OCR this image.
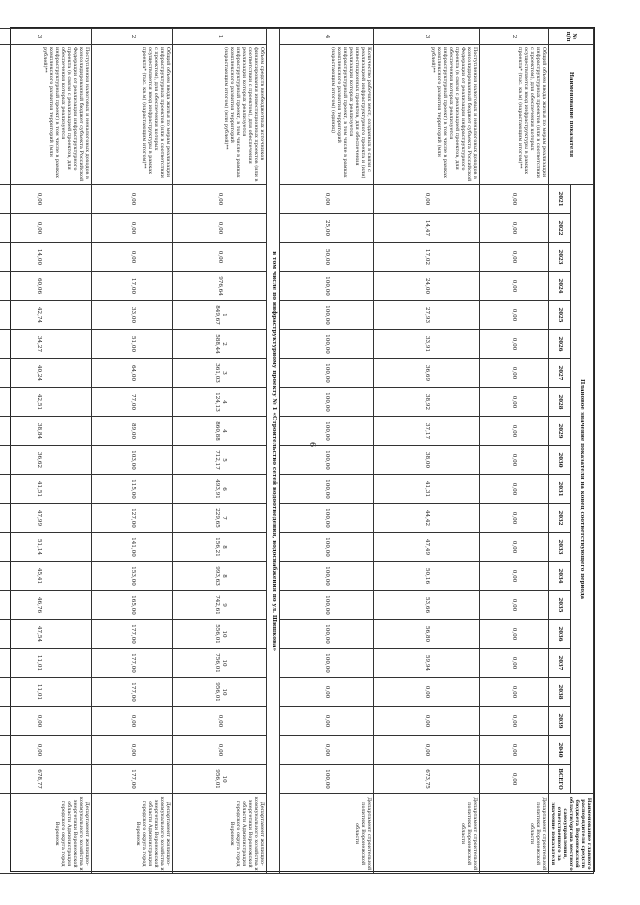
6
№ п/п	Наименование показателя	Плановое значение показателя на конец соответствующего периода																					Наименование главного распорядителя средств бюджета Воронежской области/органа местного самоуправления, ответственного за значение показателя
		2021	2022	2023	2024	2025	2026	2027	2028	2029	2030	2031	2032	2033	2034	2035	2036	2037	2038	2039	2040	ВСЕГО	
2	Общий объем ввода жилья по мерам реализации инфраструктурных проектов (или в соответствии с проектом), для обеспечения которых осуществляется ввод инфраструктуры в рамках проекта* (тыс. кв.м) (нарастающим итогом)**	0,00	0,00	0,00	0,00	0,00	0,00	0,00	0,00	0,00	0,00	0,00	0,00	0,00	0,00	0,00	0,00	0,00	0,00	0,00	0,00	0,00	Департамент строительной политики Воронежской области
3	Поступления налоговых и неналоговых доходов в консолидированный бюджет субъекта Российской Федерации от реализации инфраструктурного проекта (в связи с реализацией проектов, для обеспечения которых реализуется инфраструктурный проект) в том числе в рамках комплексного развития территорий (млн рублей)**	0,00	14,47	17,02	24,00	27,93	33,91	36,69	38,92	37,17	38,00	41,31	44,42	47,49	50,16	53,66	56,80	59,94	0,00	0,00	0,00	673,75	Департамент строительной политики Воронежской области
4	Количество рабочих мест, созданных в связи с реализацией инфраструктурного проекта и (или) инвестиционных проектов, для обеспечения реализации которых реализуется инфраструктурный проект, в том числе в рамках комплексного развития территорий (нарастающим итогом) (единиц)	0,00	25,00	50,00	100,00	100,00	100,00	100,00	100,00	100,00	100,00	100,00	100,00	100,00	100,00	100,00	100,00	100,00	0,00	0,00	0,00	100,00	Департамент строительной политики Воронежской области
в том числе по инфраструктурному проекту № 1 «Строительство сетей водоотведения, водоснабжения по ул. Шишкова»																							
1	Объем средств внебюджетных источников финансирования инвестиционных проектов (или в соответствии с проектом), для обеспечения реализации которых реализуется инфраструктурный проект, в том числе в рамках комплексного развития территорий (нарастающим итогом) (млн рублей)**	0,00	0,00	0,00	976,64	1 849,67	2 588,44	3 361,03	4 124,13	4 860,88	5 712,17	6 493,91	7 229,65	8 156,21	8 993,63	9 742,61	10 556,01	10 756,01	10 956,01	0,00	0,00	10 956,01	Департамент жилищно-коммунального хозяйства и энергетики Воронежской области Администрация городского округа город Воронеж
2	Общий объем ввода жилья по мерам реализации инфраструктурных проектов (или в соответствии с проектом), для обеспечения которых осуществляется ввод инфраструктуры в рамках проекта* (тыс. кв.м) (нарастающим итогом)**	0,00	0,00	0,00	17,00	33,00	51,00	64,00	77,00	89,00	103,00	115,00	127,00	141,00	153,00	165,00	177,00	177,00	177,00	0,00	0,00	177,00	Департамент жилищно-коммунального хозяйства и энергетики Воронежской области Администрация городского округа город Воронеж
3	Поступления налоговых и неналоговых доходов в консолидированный бюджет субъекта Российской Федерации от реализации инфраструктурного проекта (в связи с реализацией проектов, для обеспечения которых реализуется инфраструктурный проект) в том числе в рамках комплексного развития территорий (млн рублей)**	0,00	0,00	14,00	60,06	42,74	34,27	40,24	42,51	38,84	36,62	41,51	47,99	51,14	45,41	46,76	47,54	11,01	11,01	0,00	0,00	678,77	Департамент жилищно-коммунального хозяйства и энергетики Воронежской области Администрация городского округа город Воронеж
